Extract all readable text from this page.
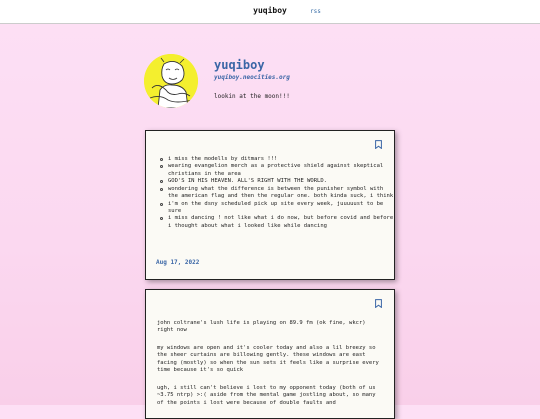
yuqiboy	rss
yuqiboy
yuqiboy.neocities.org
lookin at the moon!!!
i miss the modells by ditmars !!!
wearing evangelion merch as a protective shield against skeptical christians in the area
GOD'S IN HIS HEAVEN. ALL'S RIGHT WITH THE WORLD.
wondering what the difference is between the punisher symbol with the american flag and then the regular one. both kinda suck, i think
i'm on the dsny scheduled pick up site every week, juuuuust to be sure
i miss dancing ! not like what i do now, but before covid and before i thought about what i looked like while dancing
Aug 17, 2022

john coltrane's lush life is playing on 89.9 fm (ok fine, wkcr) right now

my windows are open and it's cooler today and also a lil breezy so the sheer curtains are billowing gently. these windows are east facing (mostly) so when the sun sets it feels like a surprise every time because it's so quick

ugh, i still can't believe i lost to my opponent today (both of us ~3.75 ntrp) >:( aside from the mental game jostling about, so many of the points i lost were because of double faults and
